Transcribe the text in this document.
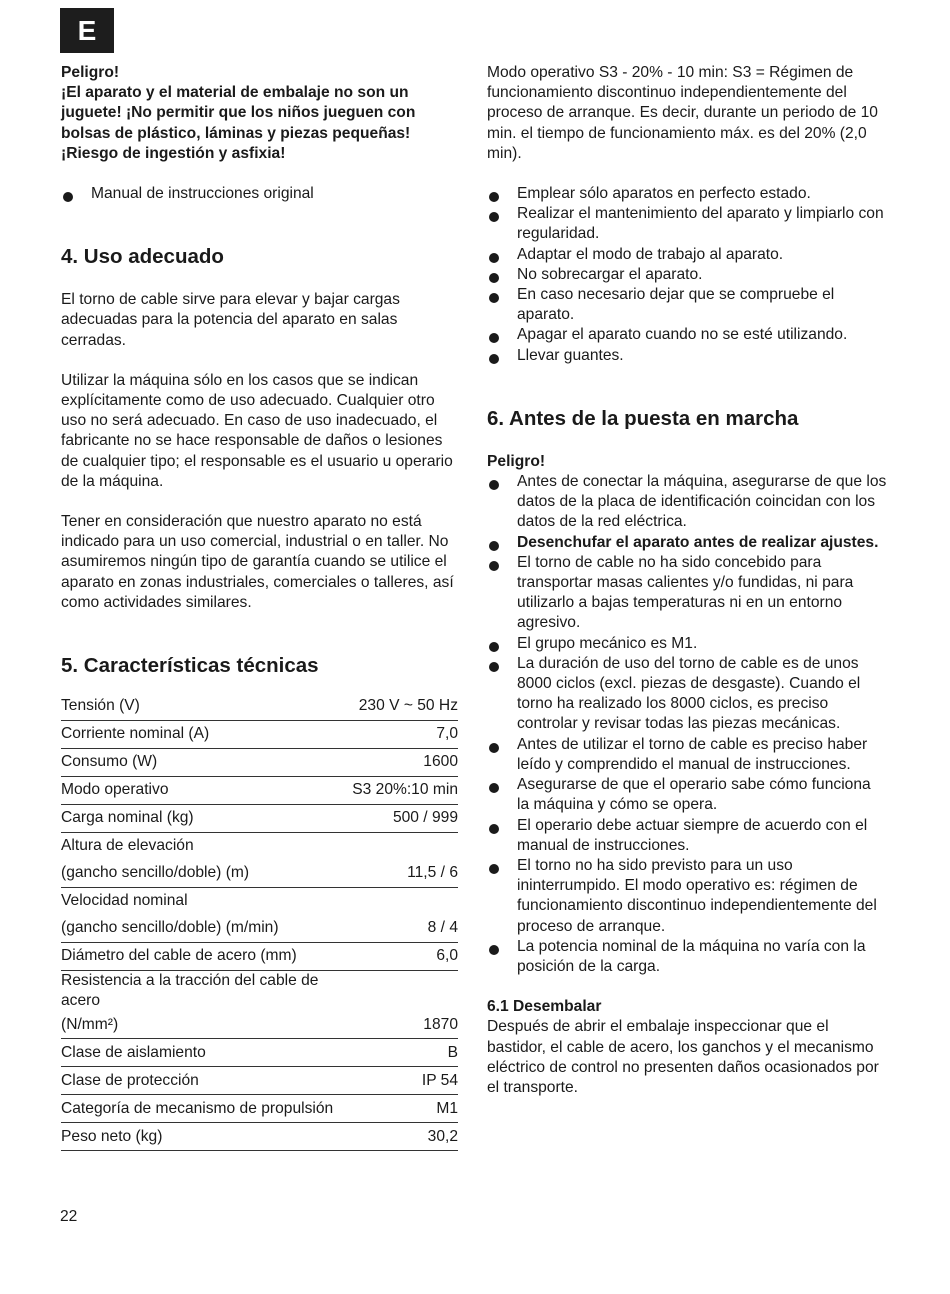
E

Peligro!

¡El aparato y el material de embalaje no son un juguete! ¡No permitir que los niños jueguen con bolsas de plástico, láminas y piezas pequeñas! ¡Riesgo de ingestión y asfixia!

Manual de instrucciones original

4. Uso adecuado

El torno de cable sirve para elevar y bajar cargas adecuadas para la potencia del aparato en salas cerradas.

Utilizar la máquina sólo en los casos que se indican explícitamente como de uso adecuado. Cualquier otro uso no será adecuado. En caso de uso inadecuado, el fabricante no se hace responsable de daños o lesiones de cualquier tipo; el responsable es el usuario u operario de la máquina.

Tener en consideración que nuestro aparato no está indicado para un uso comercial, industrial o en taller. No asumiremos ningún tipo de garantía cuando se utilice el aparato en zonas industriales, comerciales o talleres, así como actividades similares.

5. Características técnicas

Tensión (V)	230 V ~ 50 Hz
Corriente nominal (A)	7,0
Consumo (W)	1600
Modo operativo	S3 20%:10 min
Carga nominal (kg)	500 / 999
Altura de elevación	
(gancho sencillo/doble) (m)	11,5 / 6
Velocidad nominal	
(gancho sencillo/doble) (m/min)	8 / 4
Diámetro del cable de acero (mm)	6,0
Resistencia a la tracción del cable de acero	
(N/mm²)	1870
Clase de aislamiento	B
Clase de protección	IP 54
Categoría de mecanismo de propulsión	M1
Peso neto (kg)	30,2

Modo operativo S3 - 20% - 10 min: S3 = Régimen de funcionamiento discontinuo independientemente del proceso de arranque. Es decir, durante un periodo de 10 min. el tiempo de funcionamiento máx. es del 20% (2,0 min).

Emplear sólo aparatos en perfecto estado.
Realizar el mantenimiento del aparato y limpiarlo con regularidad.
Adaptar el modo de trabajo al aparato.
No sobrecargar el aparato.
En caso necesario dejar que se compruebe el aparato.
Apagar el aparato cuando no se esté utilizando.
Llevar guantes.

6. Antes de la puesta en marcha

Peligro!

Antes de conectar la máquina, asegurarse de que los datos de la placa de identificación coincidan con los datos de la red eléctrica.
Desenchufar el aparato antes de realizar ajustes.
El torno de cable no ha sido concebido para transportar masas calientes y/o fundidas, ni para utilizarlo a bajas temperaturas ni en un entorno agresivo.
El grupo mecánico es M1.
La duración de uso del torno de cable es de unos 8000 ciclos (excl. piezas de desgaste). Cuando el torno ha realizado los 8000 ciclos, es preciso controlar y revisar todas las piezas mecánicas.
Antes de utilizar el torno de cable es preciso haber leído y comprendido el manual de instrucciones.
Asegurarse de que el operario sabe cómo funciona la máquina y cómo se opera.
El operario debe actuar siempre de acuerdo con el manual de instrucciones.
El torno no ha sido previsto para un uso ininterrumpido. El modo operativo es: régimen de funcionamiento discontinuo independientemente del proceso de arranque.
La potencia nominal de la máquina no varía con la posición de la carga.

6.1 Desembalar

Después de abrir el embalaje inspeccionar que el bastidor, el cable de acero, los ganchos y el mecanismo eléctrico de control no presenten daños ocasionados por el transporte.

22
